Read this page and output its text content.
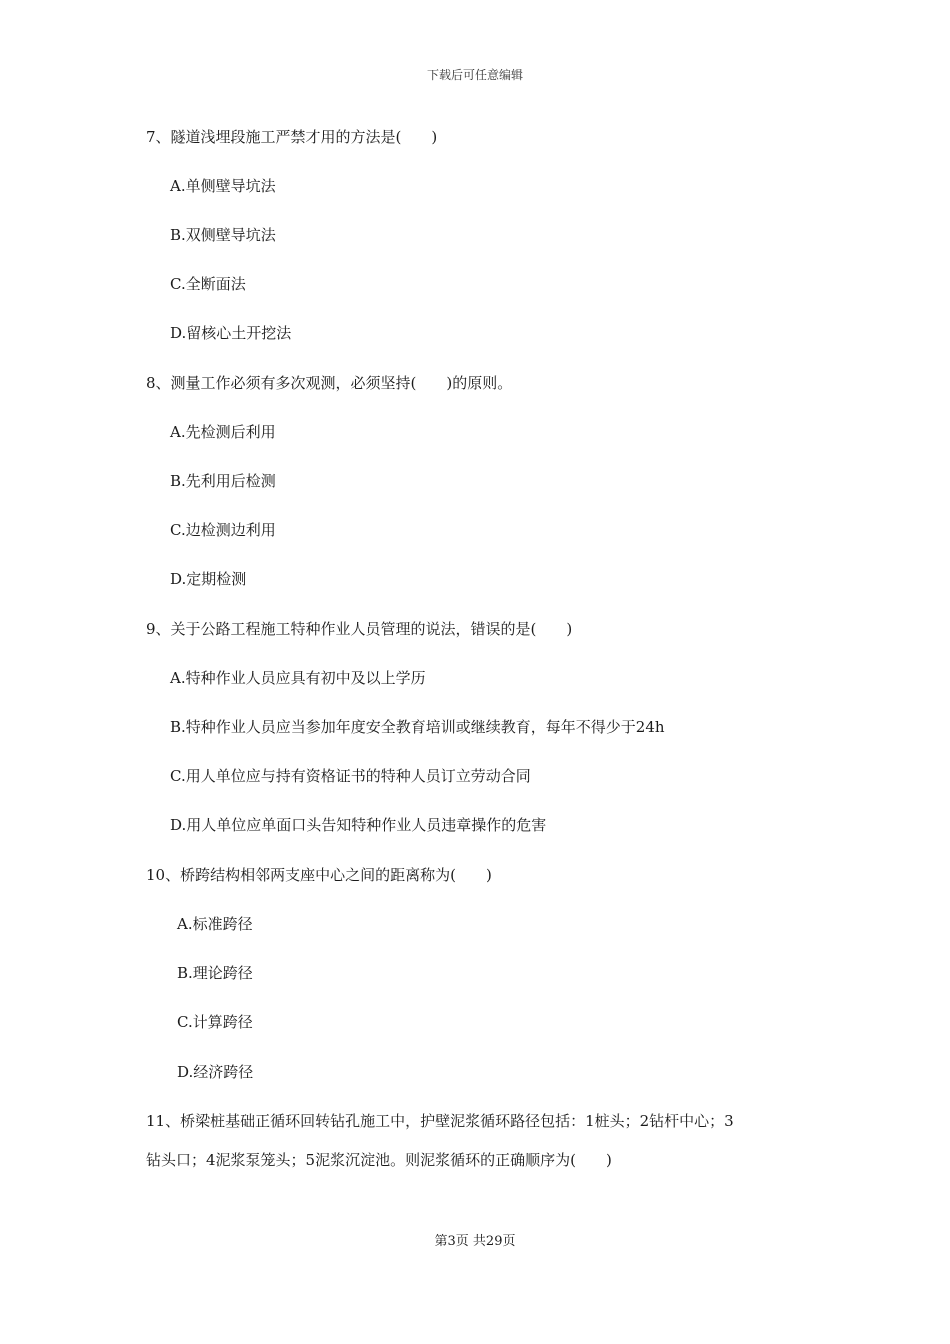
下载后可任意编辑
7、隧道浅埋段施工严禁才用的方法是(　　)
A.单侧壁导坑法
B.双侧壁导坑法
C.全断面法
D.留核心土开挖法
8、测量工作必须有多次观测，必须坚持(　　)的原则。
A.先检测后利用
B.先利用后检测
C.边检测边利用
D.定期检测
9、关于公路工程施工特种作业人员管理的说法，错误的是(　　)
A.特种作业人员应具有初中及以上学历
B.特种作业人员应当参加年度安全教育培训或继续教育，每年不得少于24h
C.用人单位应与持有资格证书的特种人员订立劳动合同
D.用人单位应单面口头告知特种作业人员违章操作的危害
10、桥跨结构相邻两支座中心之间的距离称为(　　)
A.标准跨径
B.理论跨径
C.计算跨径
D.经济跨径
11、桥梁桩基础正循环回转钻孔施工中，护壁泥浆循环路径包括：1桩头；2钻杆中心；3
钻头口；4泥浆泵笼头；5泥浆沉淀池。则泥浆循环的正确顺序为(　　)
第3页 共29页
